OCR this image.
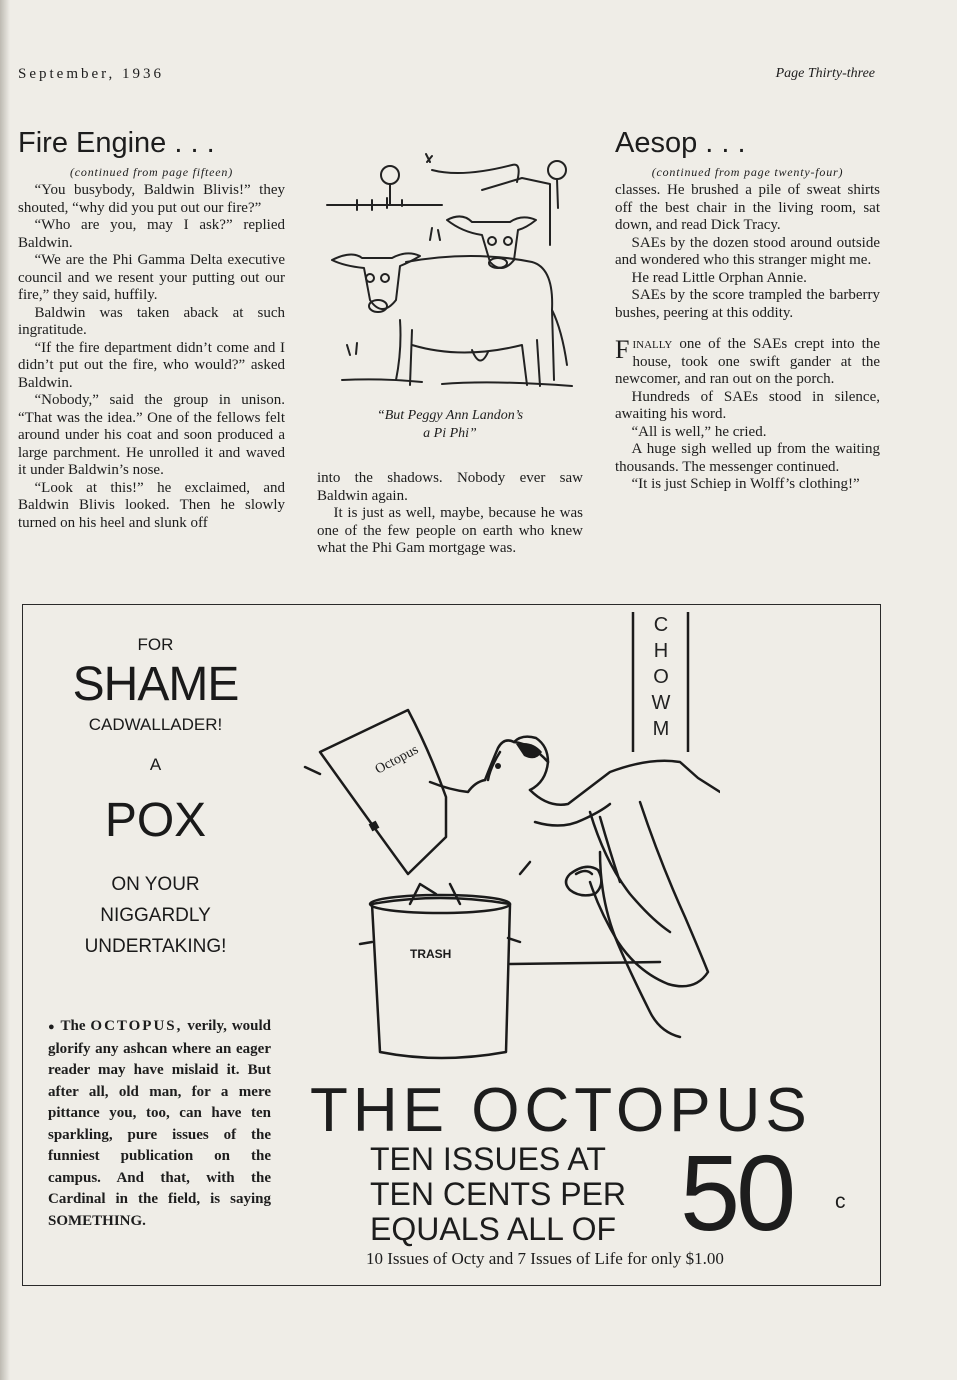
September, 1936	Page Thirty-three
Fire Engine . . .
(continued from page fifteen)

“You busybody, Baldwin Blivis!” they shouted, “why did you put out our fire?”

“Who are you, may I ask?” replied Baldwin.

“We are the Phi Gamma Delta executive council and we resent your putting out our fire,” they said, huffily.

Baldwin was taken aback at such ingratitude.

“If the fire department didn’t come and I didn’t put out the fire, who would?” asked Baldwin.

“Nobody,” said the group in unison. “That was the idea.” One of the fellows felt around under his coat and soon produced a large parchment. He unrolled it and waved it under Baldwin’s nose.

“Look at this!” he exclaimed, and Baldwin Blivis looked. Then he slowly turned on his heel and slunk off

“But Peggy Ann Landon’s
a Pi Phi”

into the shadows. Nobody ever saw Baldwin again.

It is just as well, maybe, because he was one of the few people on earth who knew what the Phi Gam mortgage was.

Aesop . . .
(continued from page twenty-four)

classes. He brushed a pile of sweat shirts off the best chair in the living room, sat down, and read Dick Tracy.

SAEs by the dozen stood around outside and wondered who this stranger might me.

He read Little Orphan Annie.

SAEs by the score trampled the barberry bushes, peering at this oddity.

Finally one of the SAEs crept into the house, took one swift gander at the newcomer, and ran out on the porch.

Hundreds of SAEs stood in silence, awaiting his word.

“All is well,” he cried.

A huge sigh welled up from the waiting thousands. The messenger continued.

“It is just Schiep in Wolff’s clothing!”

FOR
SHAME
CADWALLADER!
A
POX
ON YOUR
NIGGARDLY
UNDERTAKING!
● The OCTOPUS, verily, would glorify any ashcan where an eager reader may have mislaid it. But after all, old man, for a mere pittance you, too, can have ten sparkling, pure issues of the funniest publication on the campus. And that, with the Cardinal in the field, is saying SOMETHING.
Octopus
TRASH
C
H
O
W
M
THE OCTOPUS
TEN ISSUES AT
TEN CENTS PER
EQUALS ALL OF 50 c
10 Issues of Octy and 7 Issues of Life for only $1.00
